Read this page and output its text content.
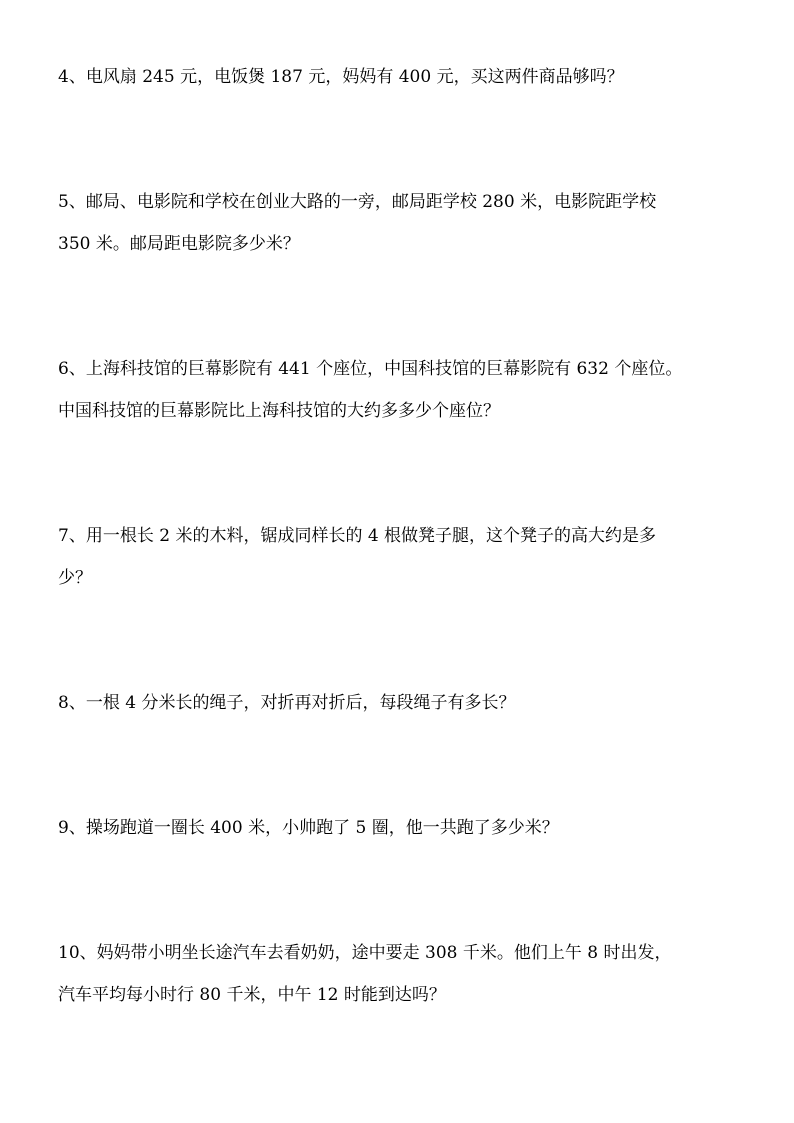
4、电风扇 245 元，电饭煲 187 元，妈妈有 400 元，买这两件商品够吗？
5、邮局、电影院和学校在创业大路的一旁，邮局距学校 280 米，电影院距学校
350 米。邮局距电影院多少米？
6、上海科技馆的巨幕影院有 441 个座位，中国科技馆的巨幕影院有 632 个座位。
中国科技馆的巨幕影院比上海科技馆的大约多多少个座位？
7、用一根长 2 米的木料，锯成同样长的 4 根做凳子腿，这个凳子的高大约是多
少？
8、一根 4 分米长的绳子，对折再对折后，每段绳子有多长？
9、操场跑道一圈长 400 米，小帅跑了 5 圈，他一共跑了多少米？
10、妈妈带小明坐长途汽车去看奶奶，途中要走 308 千米。他们上午 8 时出发，
汽车平均每小时行 80 千米，中午 12 时能到达吗？
